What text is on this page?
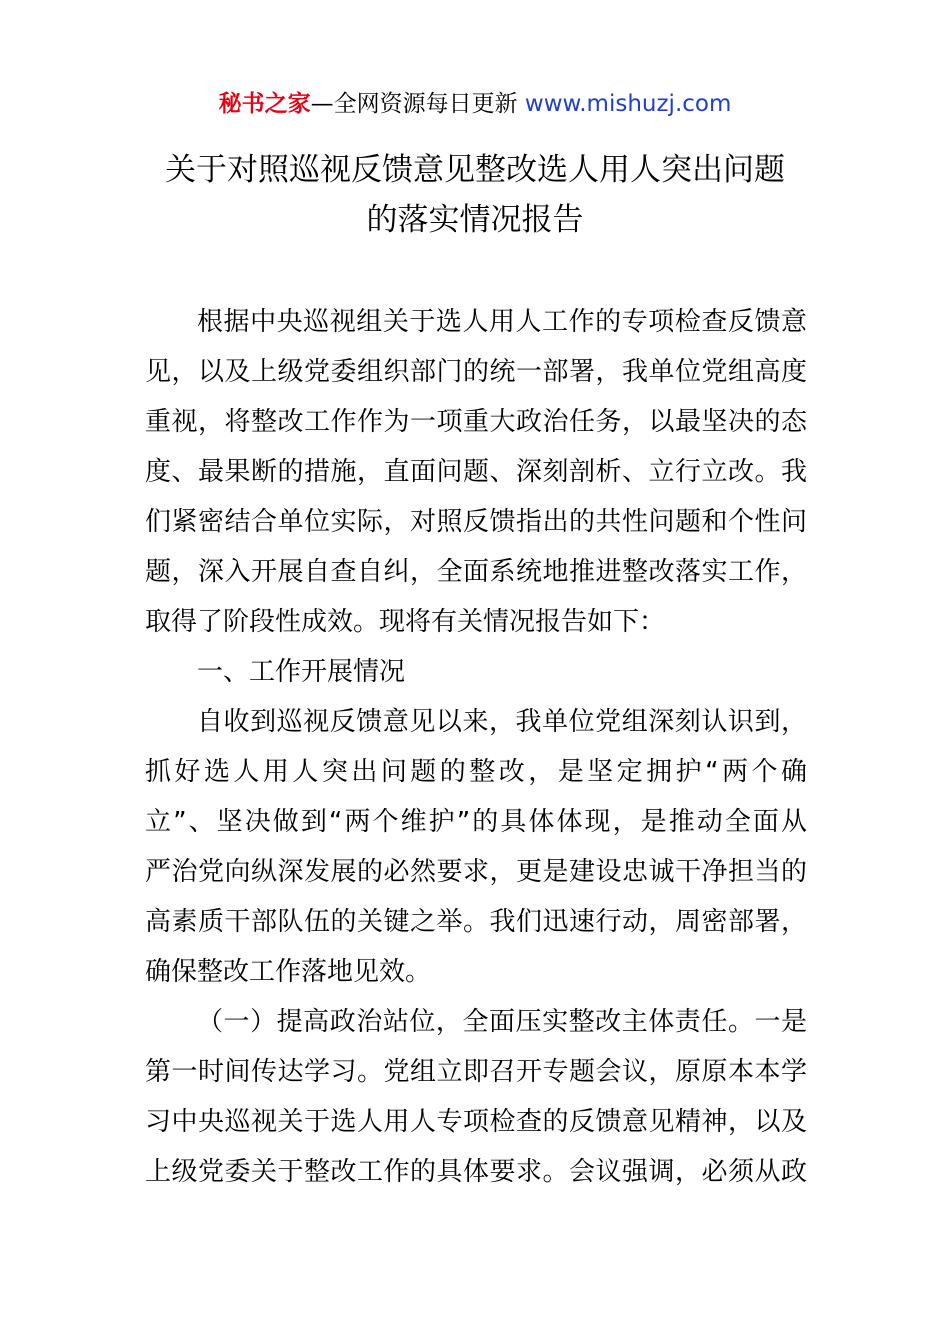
秘书之家—全网资源每日更新 www.mishuzj.com
关于对照巡视反馈意见整改选人用人突出问题
的落实情况报告
根据中央巡视组关于选人用人工作的专项检查反馈意
见，以及上级党委组织部门的统一部署，我单位党组高度
重视，将整改工作作为一项重大政治任务，以最坚决的态
度、最果断的措施，直面问题、深刻剖析、立行立改。我
们紧密结合单位实际，对照反馈指出的共性问题和个性问
题，深入开展自查自纠，全面系统地推进整改落实工作，
取得了阶段性成效。现将有关情况报告如下：
一、工作开展情况
自收到巡视反馈意见以来，我单位党组深刻认识到，
抓好选人用人突出问题的整改，是坚定拥护“两个确
立”、坚决做到“两个维护”的具体体现，是推动全面从
严治党向纵深发展的必然要求，更是建设忠诚干净担当的
高素质干部队伍的关键之举。我们迅速行动，周密部署，
确保整改工作落地见效。
（一）提高政治站位，全面压实整改主体责任。一是
第一时间传达学习。党组立即召开专题会议，原原本本学
习中央巡视关于选人用人专项检查的反馈意见精神，以及
上级党委关于整改工作的具体要求。会议强调，必须从政
